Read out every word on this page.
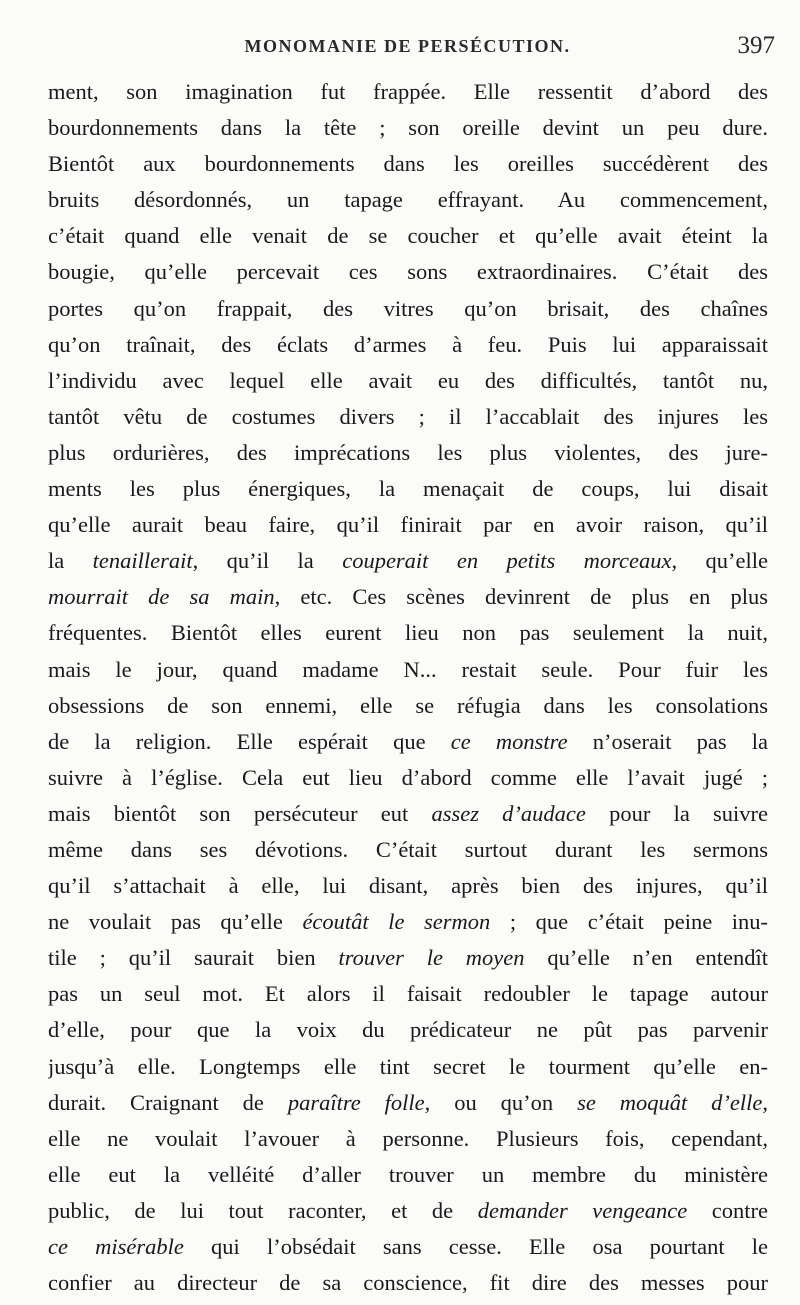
MONOMANIE DE PERSÉCUTION.	397
ment, son imagination fut frappée. Elle ressentit d’abord des
bourdonnements dans la tête ; son oreille devint un peu dure.
Bientôt aux bourdonnements dans les oreilles succédèrent des
bruits désordonnés, un tapage effrayant. Au commencement,
c’était quand elle venait de se coucher et qu’elle avait éteint la
bougie, qu’elle percevait ces sons extraordinaires. C’était des
portes qu’on frappait, des vitres qu’on brisait, des chaînes
qu’on traînait, des éclats d’armes à feu. Puis lui apparaissait
l’individu avec lequel elle avait eu des difficultés, tantôt nu,
tantôt vêtu de costumes divers ; il l’accablait des injures les
plus ordurières, des imprécations les plus violentes, des jure-
ments les plus énergiques, la menaçait de coups, lui disait
qu’elle aurait beau faire, qu’il finirait par en avoir raison, qu’il
la tenaillerait, qu’il la couperait en petits morceaux, qu’elle
mourrait de sa main, etc. Ces scènes devinrent de plus en plus
fréquentes. Bientôt elles eurent lieu non pas seulement la nuit,
mais le jour, quand madame N... restait seule. Pour fuir les
obsessions de son ennemi, elle se réfugia dans les consolations
de la religion. Elle espérait que ce monstre n’oserait pas la
suivre à l’église. Cela eut lieu d’abord comme elle l’avait jugé ;
mais bientôt son persécuteur eut assez d’audace pour la suivre
même dans ses dévotions. C’était surtout durant les sermons
qu’il s’attachait à elle, lui disant, après bien des injures, qu’il
ne voulait pas qu’elle écoutât le sermon ; que c’était peine inu-
tile ; qu’il saurait bien trouver le moyen qu’elle n’en entendît
pas un seul mot. Et alors il faisait redoubler le tapage autour
d’elle, pour que la voix du prédicateur ne pût pas parvenir
jusqu’à elle. Longtemps elle tint secret le tourment qu’elle en-
durait. Craignant de paraître folle, ou qu’on se moquât d’elle,
elle ne voulait l’avouer à personne. Plusieurs fois, cependant,
elle eut la velléité d’aller trouver un membre du ministère
public, de lui tout raconter, et de demander vengeance contre
ce misérable qui l’obsédait sans cesse. Elle osa pourtant le
confier au directeur de sa conscience, fit dire des messes pour
